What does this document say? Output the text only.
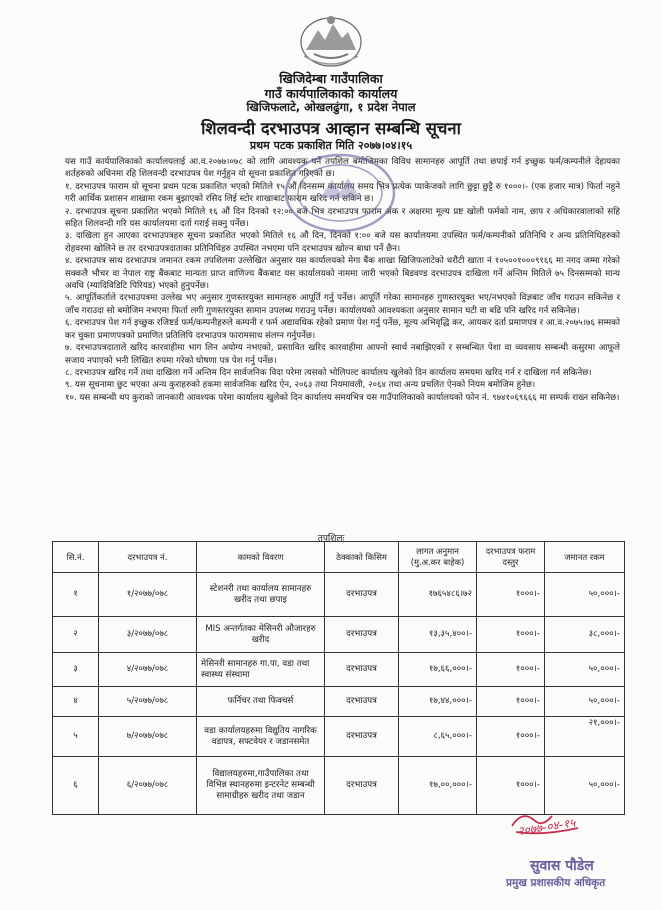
खिजिदेम्बा गाउँपालिका
गाउँ कार्यपालिकाको कार्यालय
खिजिफलाटे, ओखलढुंगा, १ प्रदेश नेपाल
शिलवन्दी दरभाउपत्र आव्हान सम्बन्धि सूचना
प्रथम पटक प्रकाशित मिति २०७७।०४।१५

यस गाउँ कार्यपालिकाको कार्यालयलाई आ.व.२०७७।०७८ को लागि आवश्यक पर्ने तपशिल बमोजिमका विविध सामानहरु आपूर्ति तथा छपाई गर्न इच्छुक फर्म/कम्पनीले देहायका शर्तहरुको अधिनमा रहि शिलवन्दी दरभाउपत्र पेश गर्नुहुन यो सूचना प्रकाशित गरिएको छ।

१. दरभाउपत्र फाराम यो सूचना प्रथम पटक प्रकाशित भएको मितिले १५ औं दिनसम्म कार्यालय समय भित्र प्रत्येक प्याकेजको लागि छुट्टा छुट्टै रु १०००।- (एक हजार मात्र) फिर्ता नहुने गरी आर्थिक प्रशासन शाखामा रकम बुझाएको रसिद लिई स्टोर शाखाबाट फाराम खरिद गर्न सकिने छ।

२. दरभाउपत्र सूचना प्रकाशित भएको मितिले १६ औं दिन दिनको १२:०० बजे भित्र दरभाउपत्र फाराम अंक र अक्षरमा मूल्य प्रष्ट खोली फर्मको नाम, छाप र अधिकारवालाको सहि सहित शिलवन्दी गरि यस कार्यालयमा दर्ता गराई सक्नु पर्नेछ।

३. दाखिला हुन आएका दरभाउपत्रहरु सूचना प्रकाशित भएको मितिले १६ औं दिन, दिनको १:०० बजे यस कार्यालयमा उपस्थित फर्म/कम्पनीको प्रतिनिधि र अन्य प्रतिनिधिहरुको रोहवरमा खोलिने छ तर दरभाउपत्रदाताका प्रतिनिधिहरु उपस्थित नभएमा पनि दरभाउपत्र खोल्न बाधा पर्ने छैन।

४. दरभाउपत्र साथ दरभाउपत्र जमानत रकम तपशिलमा उल्लेखित अनुसार यस कार्यालयको मेगा बैंक शाखा खिजिफलाटेको धरौटी खाता नं १०५००१०००९१६६ मा नगद जम्मा गरेको सक्कलै भौचर वा नेपाल राष्ट्र बैंकबाट मान्यता प्राप्त वाणिज्य बैंकबाट यस कार्यालयको नाममा जारी भएको बिडवण्ड दरभाउपत्र दाखिला गर्ने अन्तिम मितिले ७५ दिनसम्मको मान्य अवधि (म्यादिविडिटि पिरियड) भएको हुनुपर्नेछ।

५. आपूर्तिकर्ताले दरभाउपत्रमा उल्लेख भए अनुसार गुणस्तरयुक्त सामानहरु आपूर्ति गर्नु पर्नेछ। आपूर्ति गरेका सामानहरु गुणस्तरयुक्त भए/नभएको विज्ञबाट जाँच गराउन सकिनेछ र जाँच गराउदा सो बमोजिम नभएमा फिर्ता लगी गुणस्तरयुक्त सामान उपलब्ध गराउनु पर्नेछ। कार्यालयको आवश्यकता अनुसार सामान घटी वा बढि पनि खरिद गर्न सकिनेछ।

६. दरभाउपत्र पेश गर्न इच्छुक रजिष्टर्ड फर्म/कम्पनीहरुले कम्पनी र फर्म अद्यावधिक रहेको प्रमाण पेश गर्नु पर्नेछ, मूल्य अभिवृद्धि कर, आयकर दर्ता प्रमाणपत्र र आ.व.२०७५।७६ सम्मको कर चुक्ता प्रमाणपत्रको प्रमाणित प्रतिलिपि दरभाउपत्र फारामसाथ संलग्न गर्नुपर्नेछ।

७. दरभाउपत्रदाताले खरिद कारवाहीमा भाग लिन अयोग्य नभएको, प्रस्तावित खरिद कारवाहीमा आफ्नो स्वार्थ नबाझिएको र सम्बन्धित पेशा वा व्यवसाय सम्बन्धी कसुरमा आफूले सजाय नपाएको भनी लिखित रुपमा गरेको घोषणा पत्र पेश गर्नु पर्नेछ।

८. दरभाउपत्र खरिद गर्ने तथा दाखिला गर्ने अन्तिम दिन सार्वजनिक विदा परेमा त्यसको भोलिपल्ट कार्यालय खुलेको दिन कार्यालय समयमा खरिद गर्न र दाखिला गर्न सकिनेछ।

९. यस सूचनामा छुट भएका अन्य कुराहरुको हकमा सार्वजनिक खरिद ऐन, २०६३ तथा नियमावली, २०६४ तथा अन्य प्रचलित ऐनको नियम बमोजिम हुनेछ।

१०. यस सम्बन्धी थप कुराको जानकारी आवश्यक परेमा कार्यालय खुलेको दिन कार्यालय समयभित्र यस गाउँपालिकाको कार्यालयको फोन नं. ९७४१०६९६६६ मा सम्पर्क राख्न सकिनेछ।

तपशिलः
सि.नं.	दरभाउपत्र नं.	कामको विवरण	ठेक्काको किसिम	लागत अनुमान (मु.अ.कर बाहेक)	दरभाउपत्र फराम दस्तुर	जमानत रकम
१	१/२०७७/०७८	स्टेशनरी तथा कार्यालय सामानहरु खरीद तथा छपाइ	दरभाउपत्र	१७६५४८६।७२	१०००।-	५०,०००।-
२	३/२०७७/०७८	MIS अन्तर्गतका मेसिनरी औजारहरु खरीद	दरभाउपत्र	१३,३५,४००।-	१०००।-	३८,०००।-
३	४/२०७७/०७८	मेसिनरी सामानहरु गा.पा, वडा तथा स्वास्थ्य संस्थामा	दरभाउपत्र	१७,६६,०००।-	१०००।-	५०,०००।-
४	५/२०७७/०७८	फर्निचर तथा फिक्चर्स	दरभाउपत्र	१७,४४,०००।-	१०००।-	५०,०००।-
५	७/२०७७/०७८	वडा कार्यालयहरुमा विद्युतिय नागरिक वडापत्र, सफ्टवेयर र जडानसमेत	दरभाउपत्र	८,६५,०००।-	१०००।-	२१,०००।-
६	६/२०७७/०७८	विद्यालयहरुमा,गाउँपालिका तथा विभिन्न स्थानहरुमा इन्टरनेट सम्बन्धी सामाग्रीहरु खरीद तथा जडान	दरभाउपत्र	१७,००,०००।-	१०००।-	५०,०००।-
२०७७-०४-१५
सुवास पौडेल
प्रमुख प्रशासकीय अधिकृत
